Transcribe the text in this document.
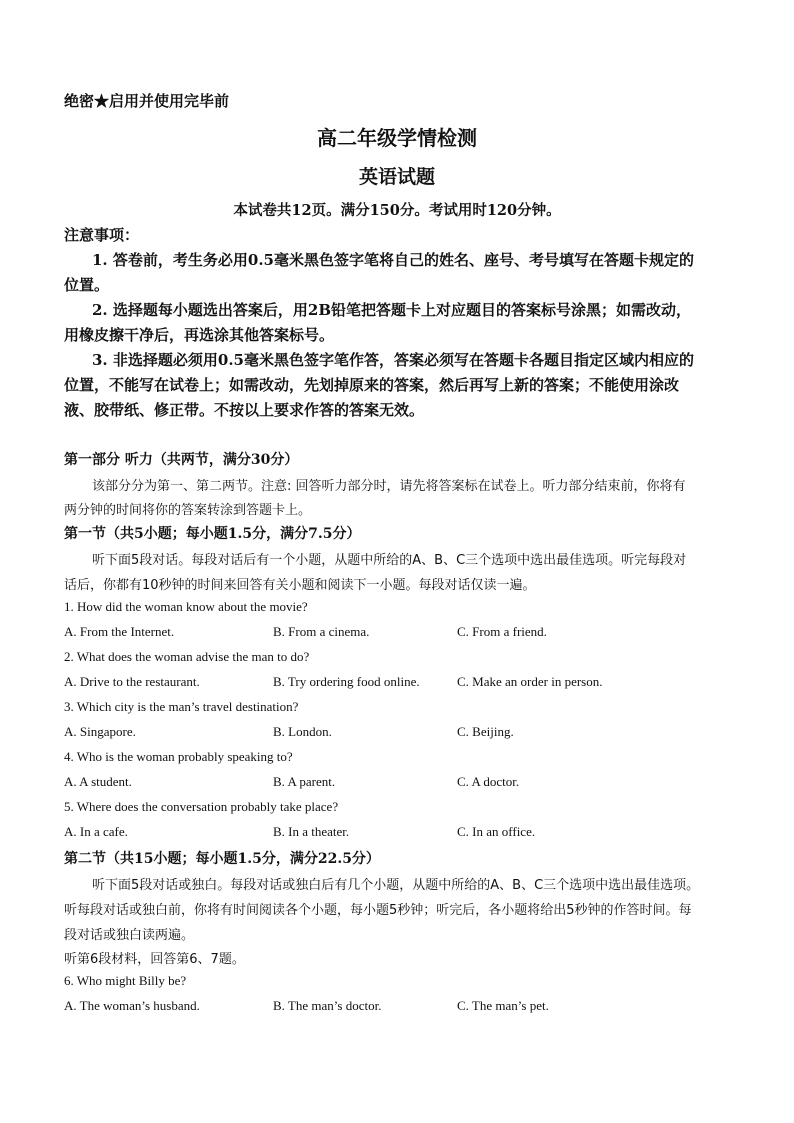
绝密★启用并使用完毕前
高二年级学情检测
英语试题
本试卷共12页。满分150分。考试用时120分钟。
注意事项：
1. 答卷前，考生务必用0.5毫米黑色签字笔将自己的姓名、座号、考号填写在答题卡规定的
位置。
2. 选择题每小题选出答案后，用2B铅笔把答题卡上对应题目的答案标号涂黑；如需改动，
用橡皮擦干净后，再选涂其他答案标号。
3. 非选择题必须用0.5毫米黑色签字笔作答，答案必须写在答题卡各题目指定区域内相应的
位置，不能写在试卷上；如需改动，先划掉原来的答案，然后再写上新的答案；不能使用涂改
液、胶带纸、修正带。不按以上要求作答的答案无效。
第一部分 听力（共两节，满分30分）
该部分分为第一、第二两节。注意: 回答听力部分时，请先将答案标在试卷上。听力部分结束前，你将有
两分钟的时间将你的答案转涂到答题卡上。
第一节（共5小题；每小题1.5分，满分7.5分）
听下面5段对话。每段对话后有一个小题，从题中所给的A、B、C三个选项中选出最佳选项。听完每段对
话后，你都有10秒钟的时间来回答有关小题和阅读下一小题。每段对话仅读一遍。
1. How did the woman know about the movie?
A. From the Internet.	B. From a cinema.	C. From a friend.
2. What does the woman advise the man to do?
A. Drive to the restaurant.	B. Try ordering food online.	C. Make an order in person.
3. Which city is the man’s travel destination?
A. Singapore.	B. London.	C. Beijing.
4. Who is the woman probably speaking to?
A. A student.	B. A parent.	C. A doctor.
5. Where does the conversation probably take place?
A. In a cafe.	B. In a theater.	C. In an office.
第二节（共15小题；每小题1.5分，满分22.5分）
听下面5段对话或独白。每段对话或独白后有几个小题，从题中所给的A、B、C三个选项中选出最佳选项。
听每段对话或独白前，你将有时间阅读各个小题，每小题5秒钟；听完后，各小题将给出5秒钟的作答时间。每
段对话或独白读两遍。
听第6段材料，回答第6、7题。
6. Who might Billy be?
A. The woman’s husband.	B. The man’s doctor.	C. The man’s pet.
